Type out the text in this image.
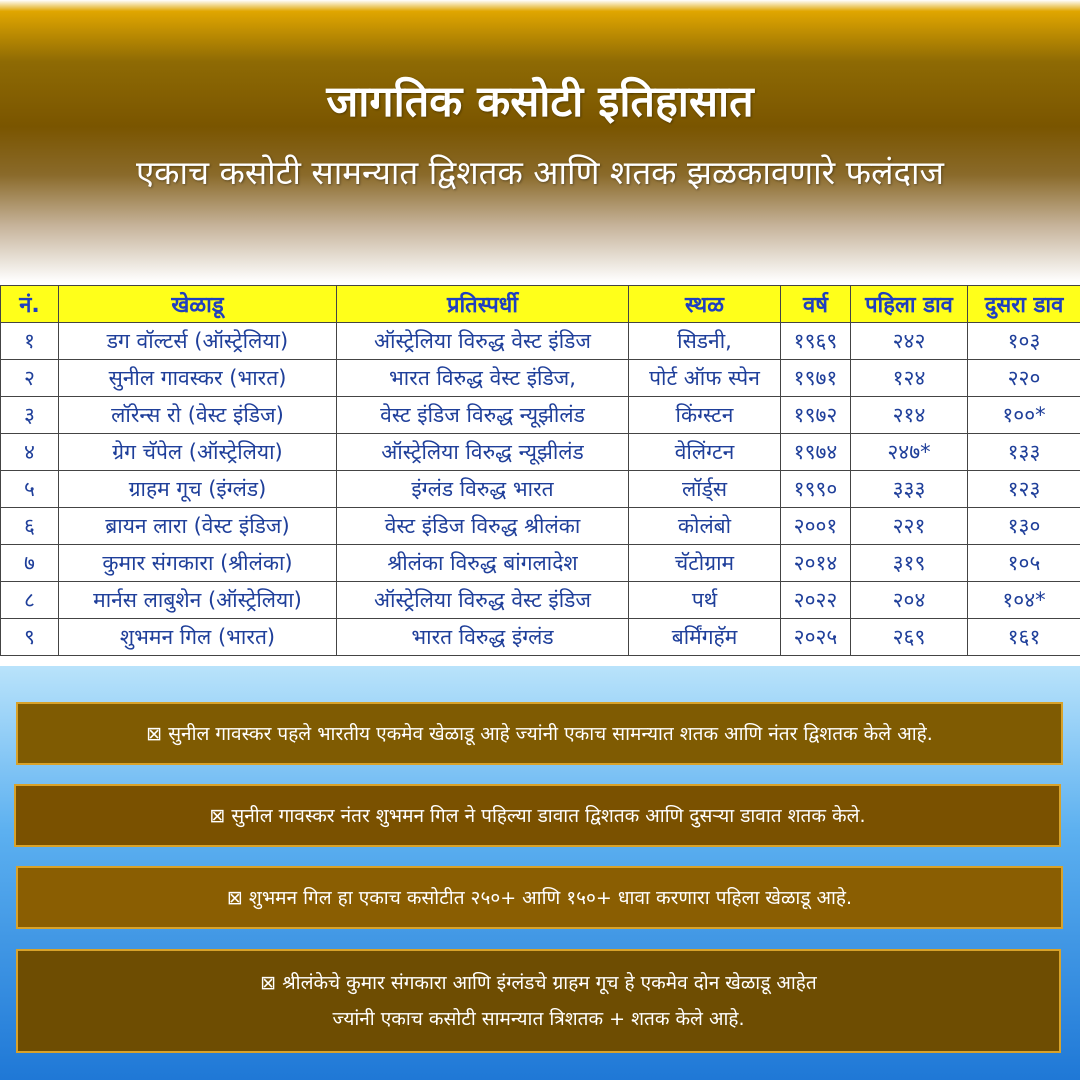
जागतिक कसोटी इतिहासात
एकाच कसोटी सामन्यात द्विशतक आणि शतक झळकावणारे फलंदाज
नं.	खेळाडू	प्रतिस्पर्धी	स्थळ	वर्ष	पहिला डाव	दुसरा डाव
१	डग वॉल्टर्स (ऑस्ट्रेलिया)	ऑस्ट्रेलिया विरुद्ध वेस्ट इंडिज	सिडनी,	१९६९	२४२	१०३
२	सुनील गावस्कर (भारत)	भारत विरुद्ध वेस्ट इंडिज,	पोर्ट ऑफ स्पेन	१९७१	१२४	२२०
३	लॉरेन्स रो (वेस्ट इंडिज)	वेस्ट इंडिज विरुद्ध न्यूझीलंड	किंग्स्टन	१९७२	२१४	१००*
४	ग्रेग चॅपेल (ऑस्ट्रेलिया)	ऑस्ट्रेलिया विरुद्ध न्यूझीलंड	वेलिंग्टन	१९७४	२४७*	१३३
५	ग्राहम गूच (इंग्लंड)	इंग्लंड विरुद्ध भारत	लॉर्ड्स	१९९०	३३३	१२३
६	ब्रायन लारा (वेस्ट इंडिज)	वेस्ट इंडिज विरुद्ध श्रीलंका	कोलंबो	२००१	२२१	१३०
७	कुमार संगकारा (श्रीलंका)	श्रीलंका विरुद्ध बांगलादेश	चॅटोग्राम	२०१४	३१९	१०५
८	मार्नस लाबुशेन (ऑस्ट्रेलिया)	ऑस्ट्रेलिया विरुद्ध वेस्ट इंडिज	पर्थ	२०२२	२०४	१०४*
९	शुभमन गिल (भारत)	भारत विरुद्ध इंग्लंड	बर्मिंगहॅम	२०२५	२६९	१६१
⊠ सुनील गावस्कर पहले भारतीय एकमेव खेळाडू आहे ज्यांनी एकाच सामन्यात शतक आणि नंतर द्विशतक केले आहे.
⊠ सुनील गावस्कर नंतर शुभमन गिल ने पहिल्या डावात द्विशतक आणि दुसऱ्या डावात शतक केले.
⊠ शुभमन गिल हा एकाच कसोटीत २५०+ आणि १५०+ धावा करणारा पहिला खेळाडू आहे.
⊠ श्रीलंकेचे कुमार संगकारा आणि इंग्लंडचे ग्राहम गूच हे एकमेव दोन खेळाडू आहेत
ज्यांनी एकाच कसोटी सामन्यात त्रिशतक + शतक केले आहे.
